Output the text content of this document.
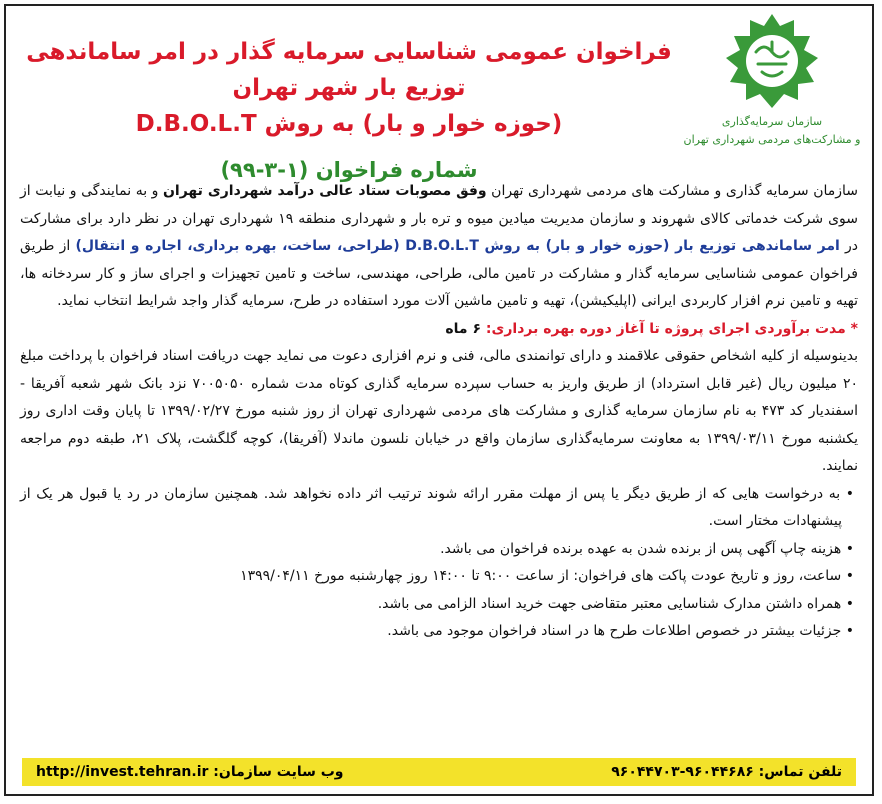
سازمان سرمایه‌گذاری
و مشارکت‌های مردمی شهرداری تهران
فراخوان عمومی شناسایی سرمایه گذار در امر ساماندهی توزیع بار شهر تهران
(حوزه خوار و بار) به روش D.B.O.L.T
شماره فراخوان (۱-۳-۹۹)

سازمان سرمایه گذاری و مشارکت های مردمی شهرداری تهران وفق مصوبات ستاد عالی درآمد شهرداری تهران و به نمایندگی و نیابت از سوی شرکت خدماتی کالای شهروند و سازمان مدیریت میادین میوه و تره بار و شهرداری منطقه ۱۹ شهرداری تهران در نظر دارد برای مشارکت در امر ساماندهی توزیع بار (حوزه خوار و بار) به روش D.B.O.L.T (طراحی، ساخت، بهره برداری، اجاره و انتقال) از طریق فراخوان عمومی شناسایی سرمایه گذار و مشارکت در تامین مالی، طراحی، مهندسی، ساخت و تامین تجهیزات و اجرای ساز و کار سردخانه ها، تهیه و تامین نرم افزار کاربردی ایرانی (اپلیکیشن)، تهیه و تامین ماشین آلات مورد استفاده در طرح، سرمایه گذار واجد شرایط انتخاب نماید.

* مدت برآوردی اجرای پروژه تا آغاز دوره بهره برداری: ۶ ماه

بدینوسیله از کلیه اشخاص حقوقی علاقمند و دارای توانمندی مالی، فنی و نرم افزاری دعوت می نماید جهت دریافت اسناد فراخوان با پرداخت مبلغ ۲۰ میلیون ریال (غیر قابل استرداد) از طریق واریز به حساب سپرده سرمایه گذاری کوتاه مدت شماره ۷۰۰۵۰۵۰ نزد بانک شهر شعبه آفریقا - اسفندیار کد ۴۷۳ به نام سازمان سرمایه گذاری و مشارکت های مردمی شهرداری تهران از روز شنبه مورخ ۱۳۹۹/۰۲/۲۷ تا پایان وقت اداری روز یکشنبه مورخ ۱۳۹۹/۰۳/۱۱ به معاونت سرمایه‌گذاری سازمان واقع در خیابان نلسون ماندلا (آفریقا)، کوچه گلگشت، پلاک ۲۱، طبقه دوم مراجعه نمایند.

• به درخواست هایی که از طریق دیگر یا پس از مهلت مقرر ارائه شوند ترتیب اثر داده نخواهد شد. همچنین سازمان در رد یا قبول هر یک از پیشنهادات مختار است.
• هزینه چاپ آگهی پس از برنده شدن به عهده برنده فراخوان می باشد.
• ساعت، روز و تاریخ عودت پاکت های فراخوان: از ساعت ۹:۰۰ تا ۱۴:۰۰ روز چهارشنبه مورخ ۱۳۹۹/۰۴/۱۱
• همراه داشتن مدارک شناسایی معتبر متقاضی جهت خرید اسناد الزامی می باشد.
• جزئیات بیشتر در خصوص اطلاعات طرح ها در اسناد فراخوان موجود می باشد.
تلفن تماس: ۹۶۰۴۴۶۸۶-۹۶۰۴۴۷۰۳
وب سایت سازمان: http://invest.tehran.ir
